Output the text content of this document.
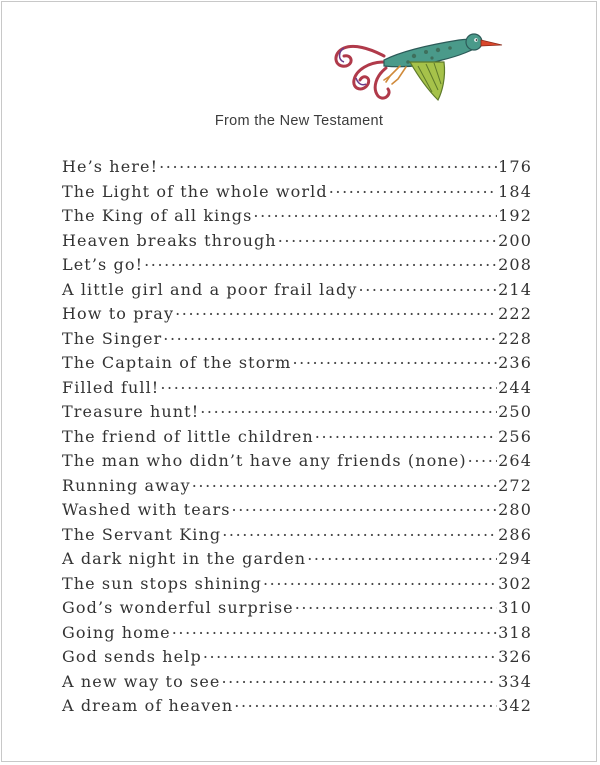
From the New Testament
He’s here! .....	176
The Light of the whole world .....	184
The King of all kings .....	192
Heaven breaks through .....	200
Let’s go! .....	208
A little girl and a poor frail lady .....	214
How to pray .....	222
The Singer .....	228
The Captain of the storm .....	236
Filled full! .....	244
Treasure hunt! .....	250
The friend of little children .....	256
The man who didn’t have any friends (none) ..... 264
Running away .....	272
Washed with tears .....	280
The Servant King .....	286
A dark night in the garden .....	294
The sun stops shining .....	302
God’s wonderful surprise .....	310
Going home .....	318
God sends help .....	326
A new way to see .....	334
A dream of heaven .....	342
